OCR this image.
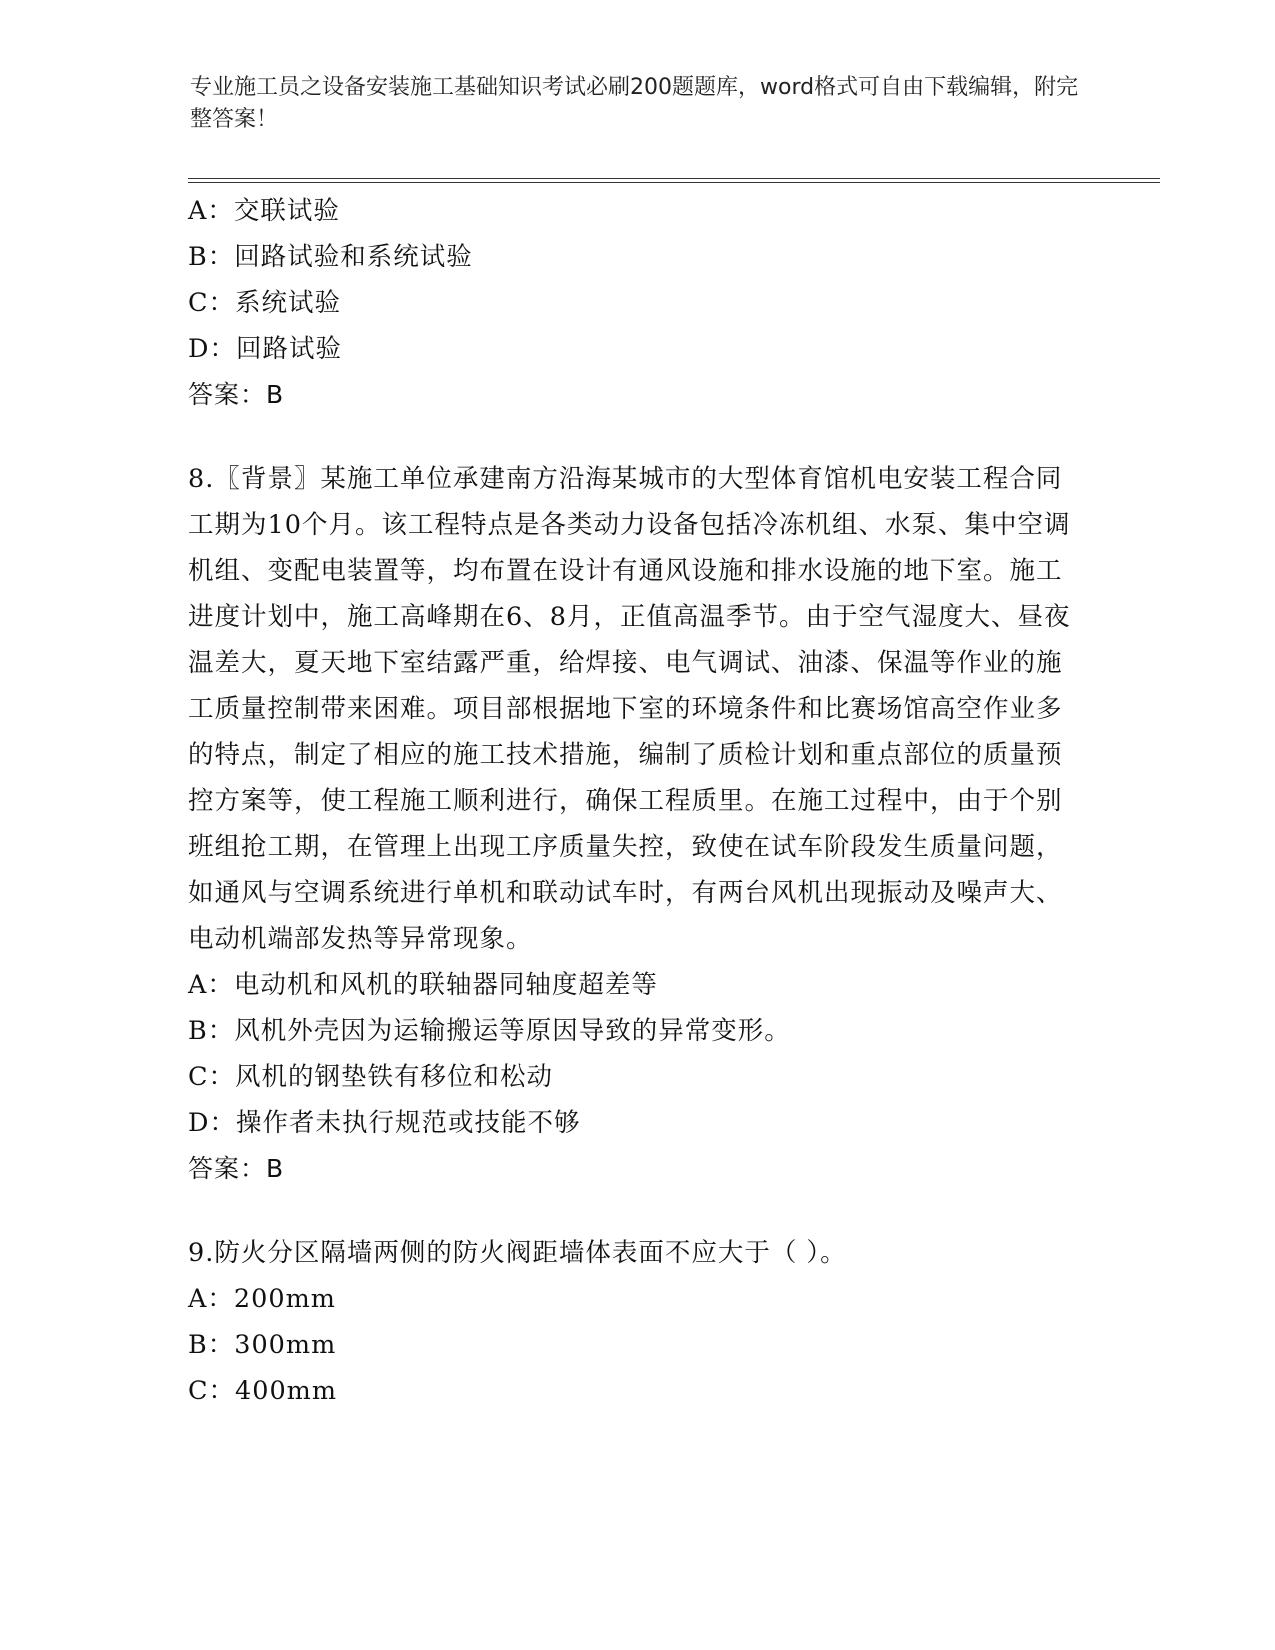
专业施工员之设备安装施工基础知识考试必刷200题题库，word格式可自由下载编辑，附完整答案！
A：交联试验
B：回路试验和系统试验
C：系统试验
D：回路试验
答案：B
8.〖背景〗某施工单位承建南方沿海某城市的大型体育馆机电安装工程合同工期为10个月。该工程特点是各类动力设备包括冷冻机组、水泵、集中空调机组、变配电装置等，均布置在设计有通风设施和排水设施的地下室。施工进度计划中，施工高峰期在6、8月，正值高温季节。由于空气湿度大、昼夜温差大，夏天地下室结露严重，给焊接、电气调试、油漆、保温等作业的施工质量控制带来困难。项目部根据地下室的环境条件和比赛场馆高空作业多的特点，制定了相应的施工技术措施，编制了质检计划和重点部位的质量预控方案等，使工程施工顺利进行，确保工程质里。在施工过程中，由于个别班组抢工期，在管理上出现工序质量失控，致使在试车阶段发生质量问题，如通风与空调系统进行单机和联动试车时，有两台风机出现振动及噪声大、电动机端部发热等异常现象。
A：电动机和风机的联轴器同轴度超差等
B：风机外壳因为运输搬运等原因导致的异常变形。
C：风机的钢垫铁有移位和松动
D：操作者未执行规范或技能不够
答案：B
9.防火分区隔墙两侧的防火阀距墙体表面不应大于（ ）。
A：200mm
B：300mm
C：400mm
